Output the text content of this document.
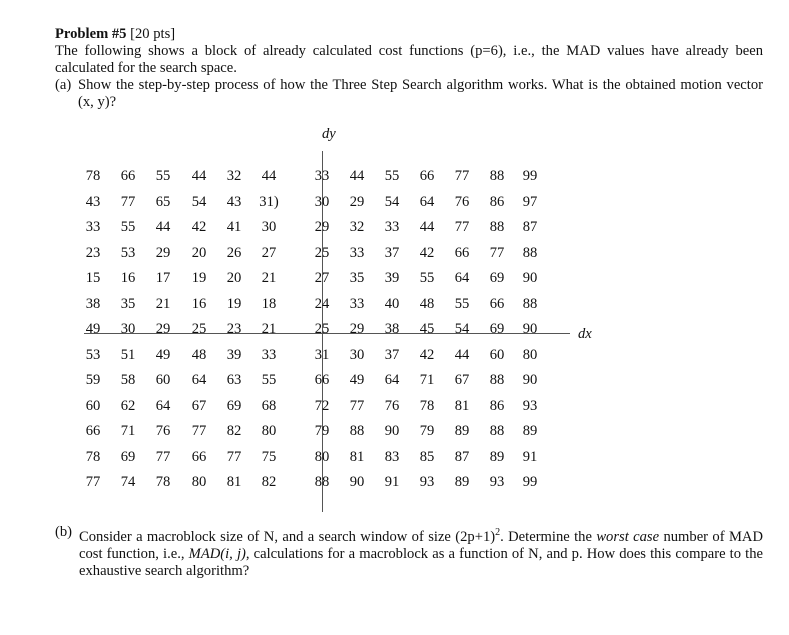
Problem #5 [20 pts]
The following shows a block of already calculated cost functions (p=6), i.e., the MAD values have already been calculated for the search space.
(a) Show the step-by-step process of how the Three Step Search algorithm works. What is the obtained motion vector (x, y)?
dy
dx
78	66	55	44	32	44	33	44	55	66	77	88	99
43	77	65	54	43	31)	30	29	54	64	76	86	97
33	55	44	42	41	30	29	32	33	44	77	88	87
23	53	29	20	26	27	25	33	37	42	66	77	88
15	16	17	19	20	21	27	35	39	55	64	69	90
38	35	21	16	19	18	24	33	40	48	55	66	88
49	30	29	25	23	21	25	29	38	45	54	69	90
53	51	49	48	39	33	31	30	37	42	44	60	80
59	58	60	64	63	55	66	49	64	71	67	88	90
60	62	64	67	69	68	72	77	76	78	81	86	93
66	71	76	77	82	80	79	88	90	79	89	88	89
78	69	77	66	77	75	80	81	83	85	87	89	91
77	74	78	80	81	82	88	90	91	93	89	93	99
(b) Consider a macroblock size of N, and a search window of size $(2p+1)^2$. Determine the worst case number of MAD cost function, i.e., MAD(i, j), calculations for a macroblock as a function of N, and p. How does this compare to the exhaustive search algorithm?
